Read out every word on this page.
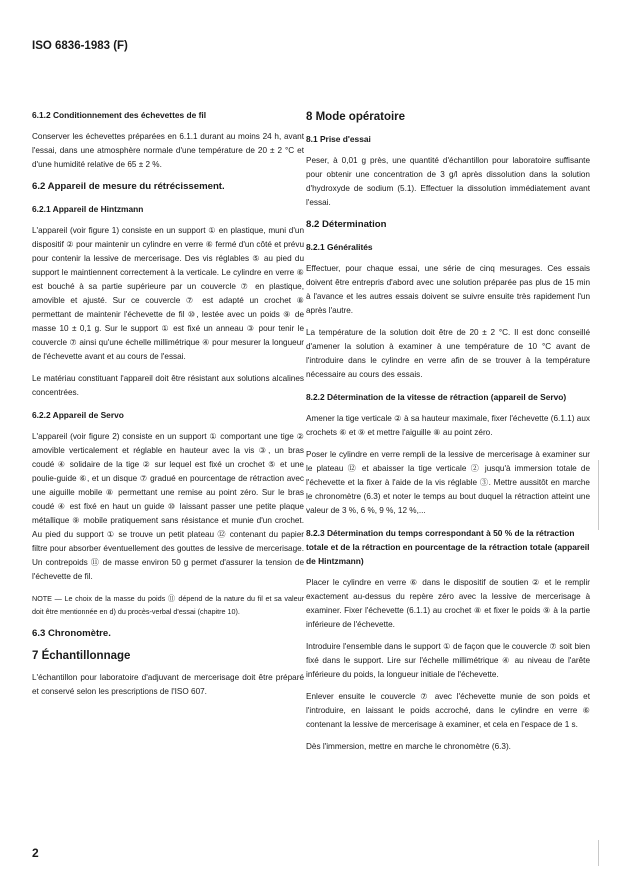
ISO 6836-1983 (F)
6.1.2 Conditionnement des échevettes de fil

Conserver les échevettes préparées en 6.1.1 durant au moins 24 h, avant l'essai, dans une atmosphère normale d'une température de 20 ± 2 °C et d'une humidité relative de 65 ± 2 %.

6.2 Appareil de mesure du rétrécissement.
6.2.1 Appareil de Hintzmann

L'appareil (voir figure 1) consiste en un support ① en plastique, muni d'un dispositif ② pour maintenir un cylindre en verre ⑥ fermé d'un côté et prévu pour contenir la lessive de mercerisage. Des vis réglables ⑤ au pied du support le maintiennent correctement à la verticale. Le cylindre en verre ⑥ est bouché à sa partie supérieure par un couvercle ⑦ en plastique, amovible et ajusté. Sur ce couvercle ⑦ est adapté un crochet ⑧ permettant de maintenir l'échevette de fil ⑩, lestée avec un poids ⑨ de masse 10 ± 0,1 g. Sur le support ① est fixé un anneau ③ pour tenir le couvercle ⑦ ainsi qu'une échelle millimétrique ④ pour mesurer la longueur de l'échevette avant et au cours de l'essai.

Le matériau constituant l'appareil doit être résistant aux solutions alcalines concentrées.

6.2.2 Appareil de Servo

L'appareil (voir figure 2) consiste en un support ① comportant une tige ② amovible verticalement et réglable en hauteur avec la vis ③, un bras coudé ④ solidaire de la tige ② sur lequel est fixé un crochet ⑤ et une poulie-guide ⑥, et un disque ⑦ gradué en pourcentage de rétraction avec une aiguille mobile ⑧ permettant une remise au point zéro. Sur le bras coudé ④ est fixé en haut un guide ⑩ laissant passer une petite plaque métallique ⑨ mobile pratiquement sans résistance et munie d'un crochet. Au pied du support ① se trouve un petit plateau ⑫ contenant du papier filtre pour absorber éventuellement des gouttes de lessive de mercerisage. Un contrepoids ⑪ de masse environ 50 g permet d'assurer la tension de l'échevette de fil.

NOTE — Le choix de la masse du poids ⑪ dépend de la nature du fil et sa valeur doit être mentionnée en d) du procès-verbal d'essai (chapitre 10).
6.3 Chronomètre.
7 Échantillonnage

L'échantillon pour laboratoire d'adjuvant de mercerisage doit être préparé et conservé selon les prescriptions de l'ISO 607.

8 Mode opératoire
8.1 Prise d'essai

Peser, à 0,01 g près, une quantité d'échantillon pour laboratoire suffisante pour obtenir une concentration de 3 g/l après dissolution dans la solution d'hydroxyde de sodium (5.1). Effectuer la dissolution immédiatement avant l'essai.

8.2 Détermination
8.2.1 Généralités

Effectuer, pour chaque essai, une série de cinq mesurages. Ces essais doivent être entrepris d'abord avec une solution préparée pas plus de 15 min à l'avance et les autres essais doivent se suivre ensuite très rapidement l'un après l'autre.

La température de la solution doit être de 20 ± 2 °C. Il est donc conseillé d'amener la solution à examiner à une température de 10 °C avant de l'introduire dans le cylindre en verre afin de se trouver à la température nécessaire au cours des essais.

8.2.2 Détermination de la vitesse de rétraction (appareil de Servo)

Amener la tige verticale ② à sa hauteur maximale, fixer l'échevette (6.1.1) aux crochets ⑥ et ⑨ et mettre l'aiguille ⑧ au point zéro.

Poser le cylindre en verre rempli de la lessive de mercerisage à examiner sur le plateau ⑫ et abaisser la tige verticale ② jusqu'à immersion totale de l'échevette et la fixer à l'aide de la vis réglable ③. Mettre aussitôt en marche le chronomètre (6.3) et noter le temps au bout duquel la rétraction atteint une valeur de 3 %, 6 %, 9 %, 12 %,...

8.2.3 Détermination du temps correspondant à 50 % de la rétraction totale et de la rétraction en pourcentage de la rétraction totale (appareil de Hintzmann)

Placer le cylindre en verre ⑥ dans le dispositif de soutien ② et le remplir exactement au-dessus du repère zéro avec la lessive de mercerisage à examiner. Fixer l'échevette (6.1.1) au crochet ⑧ et fixer le poids ⑨ à la partie inférieure de l'échevette.

Introduire l'ensemble dans le support ① de façon que le couvercle ⑦ soit bien fixé dans le support. Lire sur l'échelle millimétrique ④ au niveau de l'arête inférieure du poids, la longueur initiale de l'échevette.

Enlever ensuite le couvercle ⑦ avec l'échevette munie de son poids et l'introduire, en laissant le poids accroché, dans le cylindre en verre ⑥ contenant la lessive de mercerisage à examiner, et cela en l'espace de 1 s.

Dès l'immersion, mettre en marche le chronomètre (6.3).

2
